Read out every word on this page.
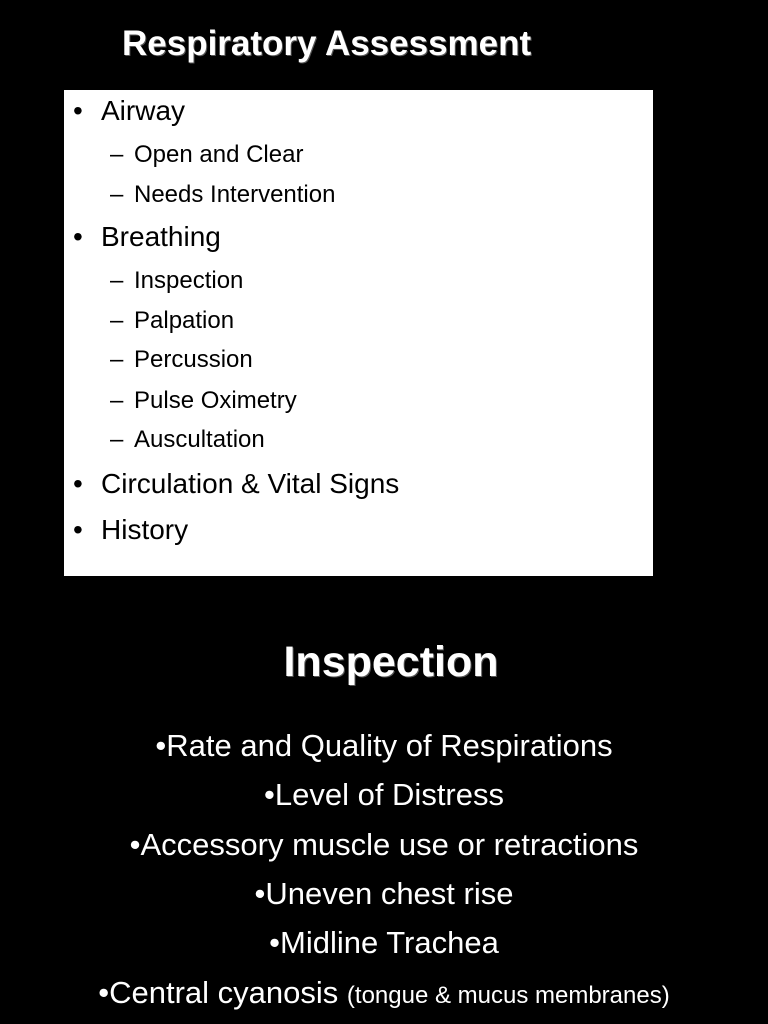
Respiratory Assessment
• Airway
– Open and Clear
– Needs Intervention
• Breathing
– Inspection
– Palpation
– Percussion
– Pulse Oximetry
– Auscultation
• Circulation & Vital Signs
• History
Inspection
•Rate and Quality of Respirations
•Level of Distress
•Accessory muscle use or retractions
•Uneven chest rise
•Midline Trachea
•Central cyanosis (tongue & mucus membranes)
